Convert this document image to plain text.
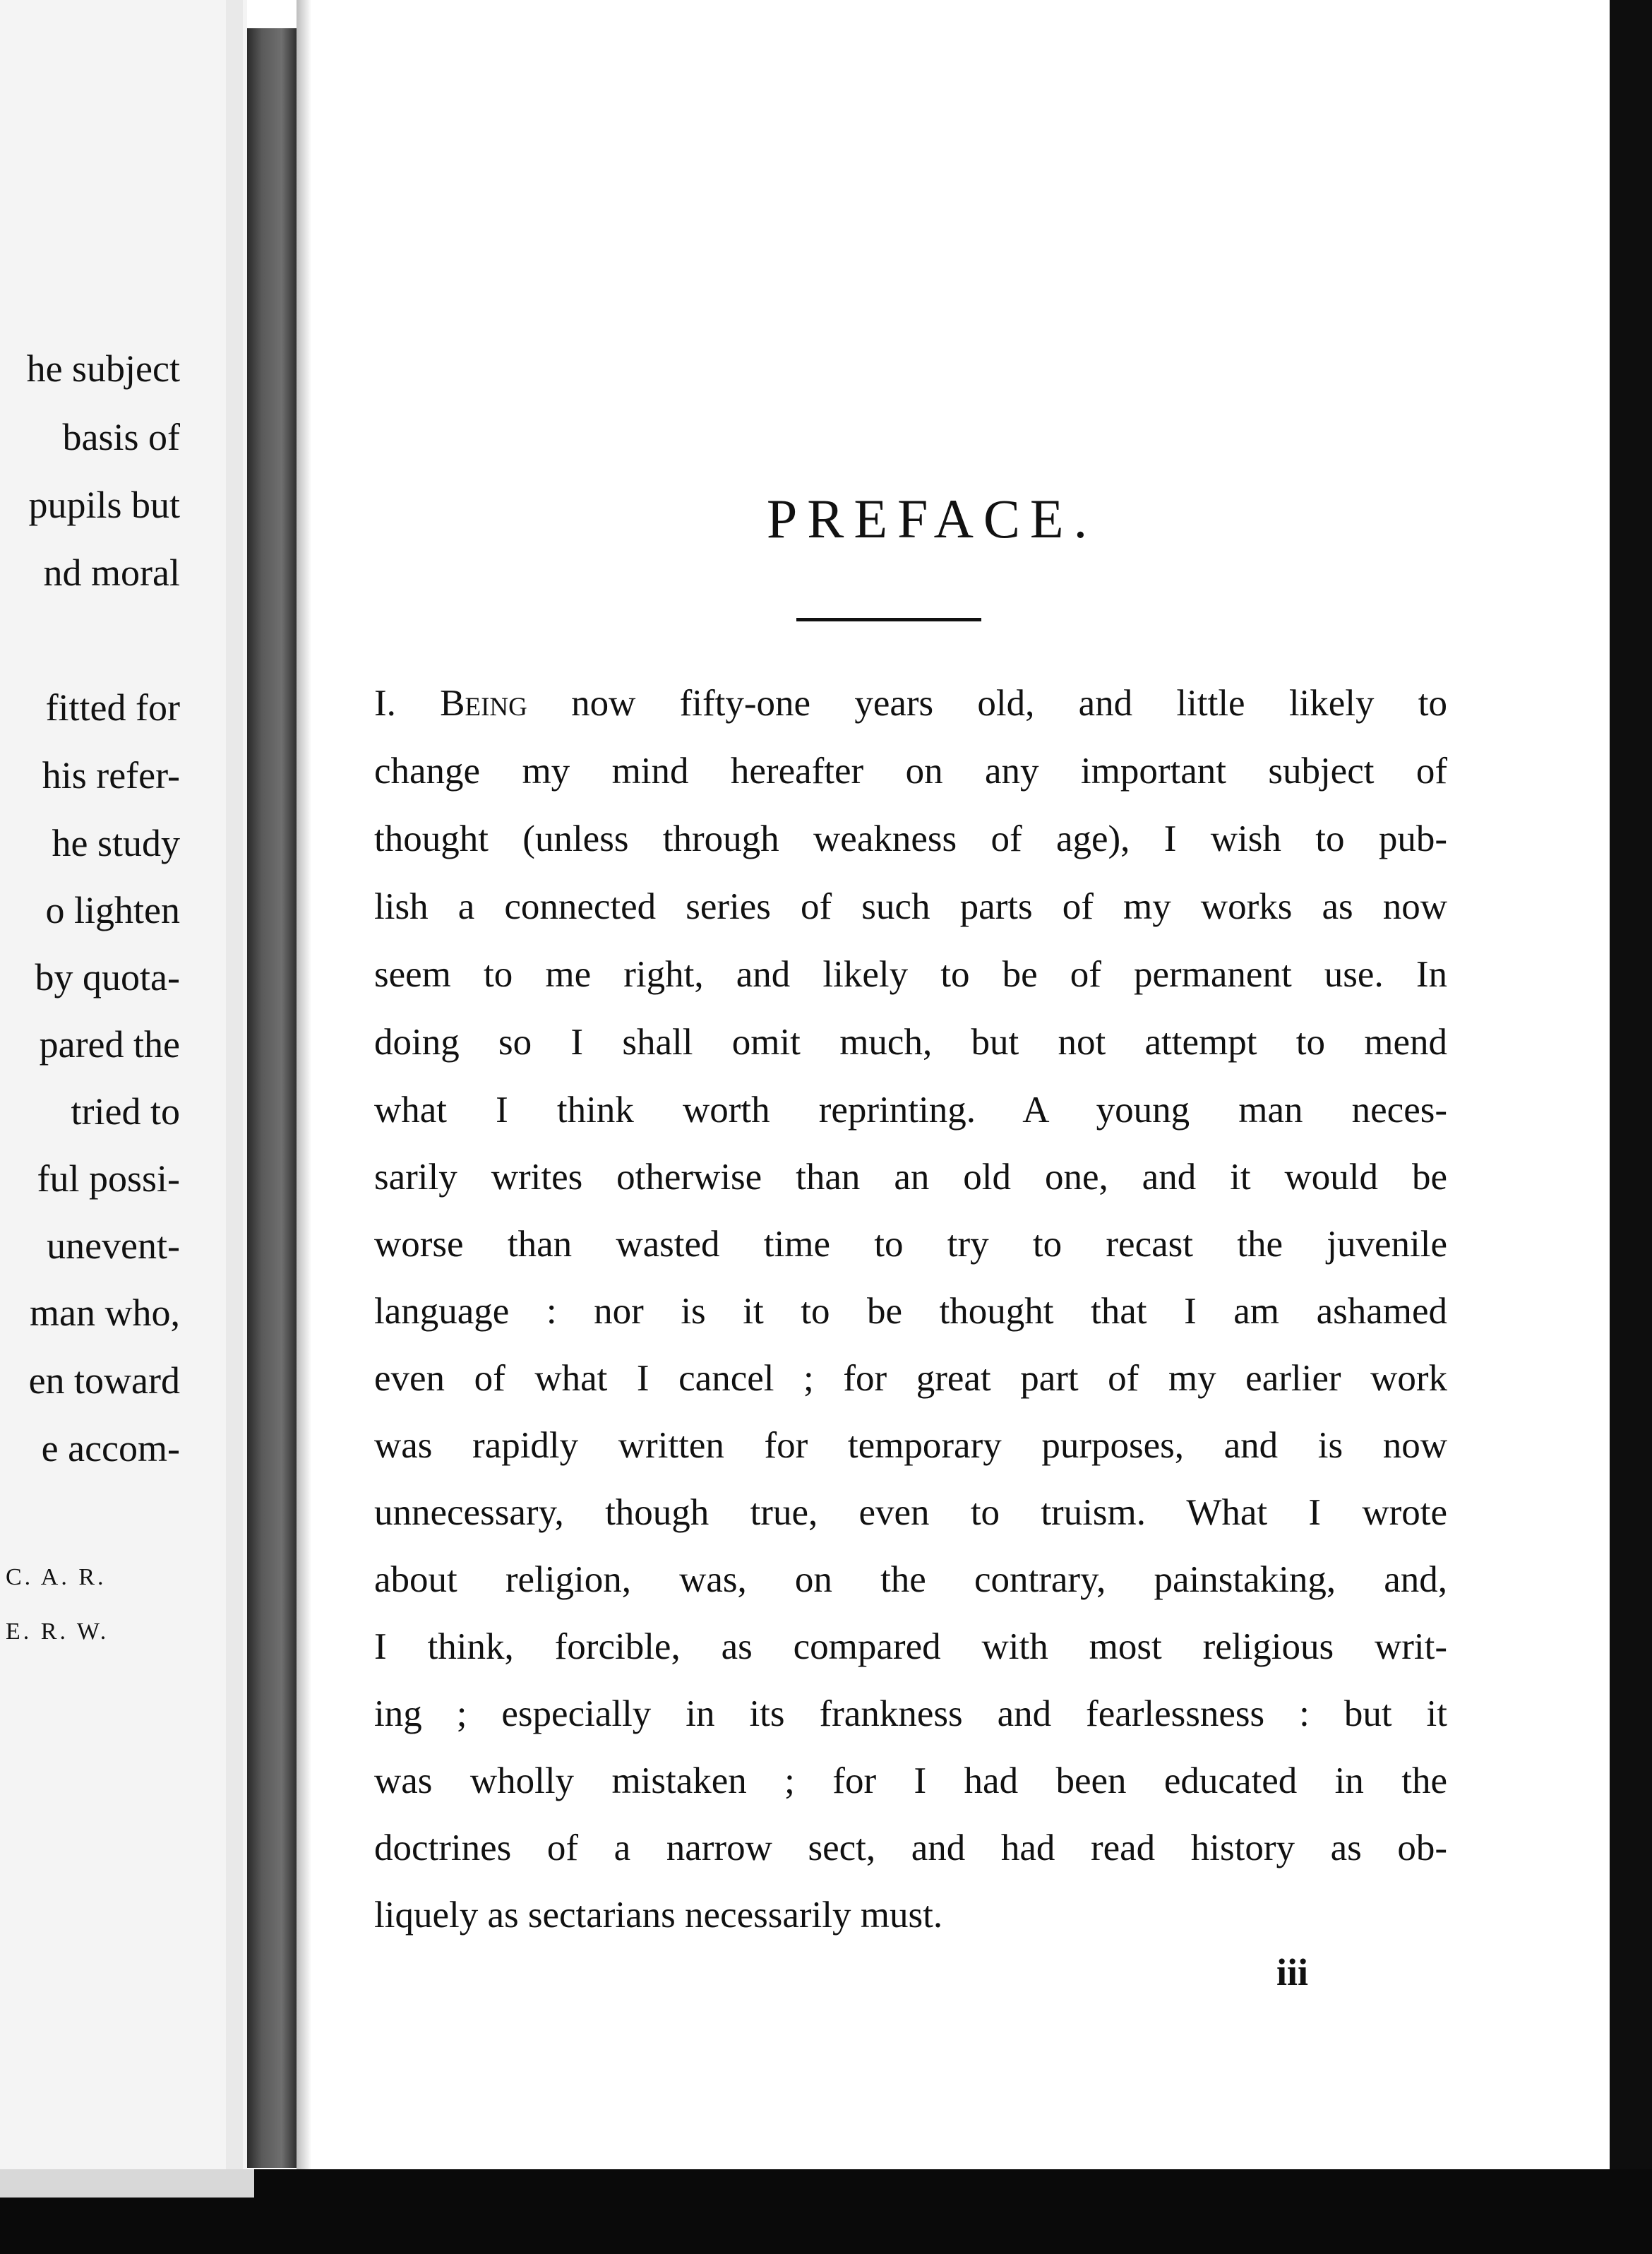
he subject
basis of
pupils but
nd moral
fitted for
his refer-
he study
o lighten
by quota-
pared the
tried to
ful possi-
unevent-
man who,
en toward
e accom-
C. A. R.
E. R. W.
PREFACE.
I. Being now fifty-one years old, and little likely to
change my mind hereafter on any important subject of
thought (unless through weakness of age), I wish to pub-
lish a connected series of such parts of my works as now
seem to me right, and likely to be of permanent use. In
doing so I shall omit much, but not attempt to mend
what I think worth reprinting. A young man neces-
sarily writes otherwise than an old one, and it would be
worse than wasted time to try to recast the juvenile
language : nor is it to be thought that I am ashamed
even of what I cancel ; for great part of my earlier work
was rapidly written for temporary purposes, and is now
unnecessary, though true, even to truism. What I wrote
about religion, was, on the contrary, painstaking, and,
I think, forcible, as compared with most religious writ-
ing ; especially in its frankness and fearlessness : but it
was wholly mistaken ; for I had been educated in the
doctrines of a narrow sect, and had read history as ob-
liquely as sectarians necessarily must.
iii
